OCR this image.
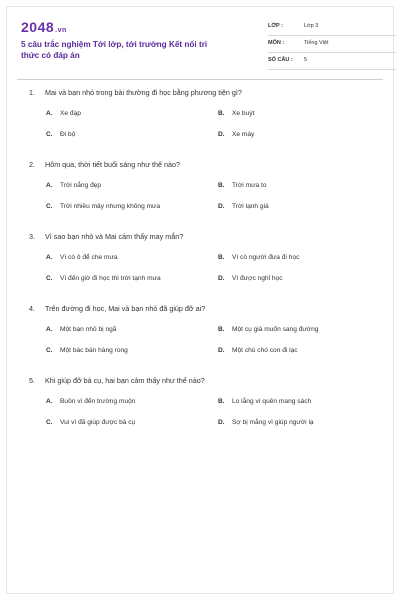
2048.vn
5 câu trắc nghiệm Tới lớp, tới trường Kết nối tri thức có đáp án
LỚP :	Lớp 3
MÔN :	Tiếng Việt
SỐ CÂU : 5
1. Mai và bạn nhỏ trong bài thường đi học bằng phương tiện gì?
A. Xe đạp	B. Xe buýt
C. Đi bộ	D. Xe máy
2. Hôm qua, thời tiết buổi sáng như thế nào?
A. Trời nắng đẹp	B. Trời mưa to
C. Trời nhiều mây nhưng không mưa	D. Trời lạnh giá
3. Vì sao bạn nhỏ và Mai cảm thấy may mắn?
A. Vì có ô để che mưa	B. Vì có người đưa đi học
C. Vì đến giờ đi học thì trời tạnh mưa	D. Vì được nghỉ học
4. Trên đường đi học, Mai và bạn nhỏ đã giúp đỡ ai?
A. Một bạn nhỏ bị ngã	B. Một cụ già muốn sang đường
C. Một bác bán hàng rong	D. Một chú chó con đi lạc
5. Khi giúp đỡ bà cụ, hai bạn cảm thấy như thế nào?
A. Buồn vì đến trường muộn	B. Lo lắng vì quên mang sách
C. Vui vì đã giúp được bà cụ	D. Sợ bị mắng vì giúp người lạ
